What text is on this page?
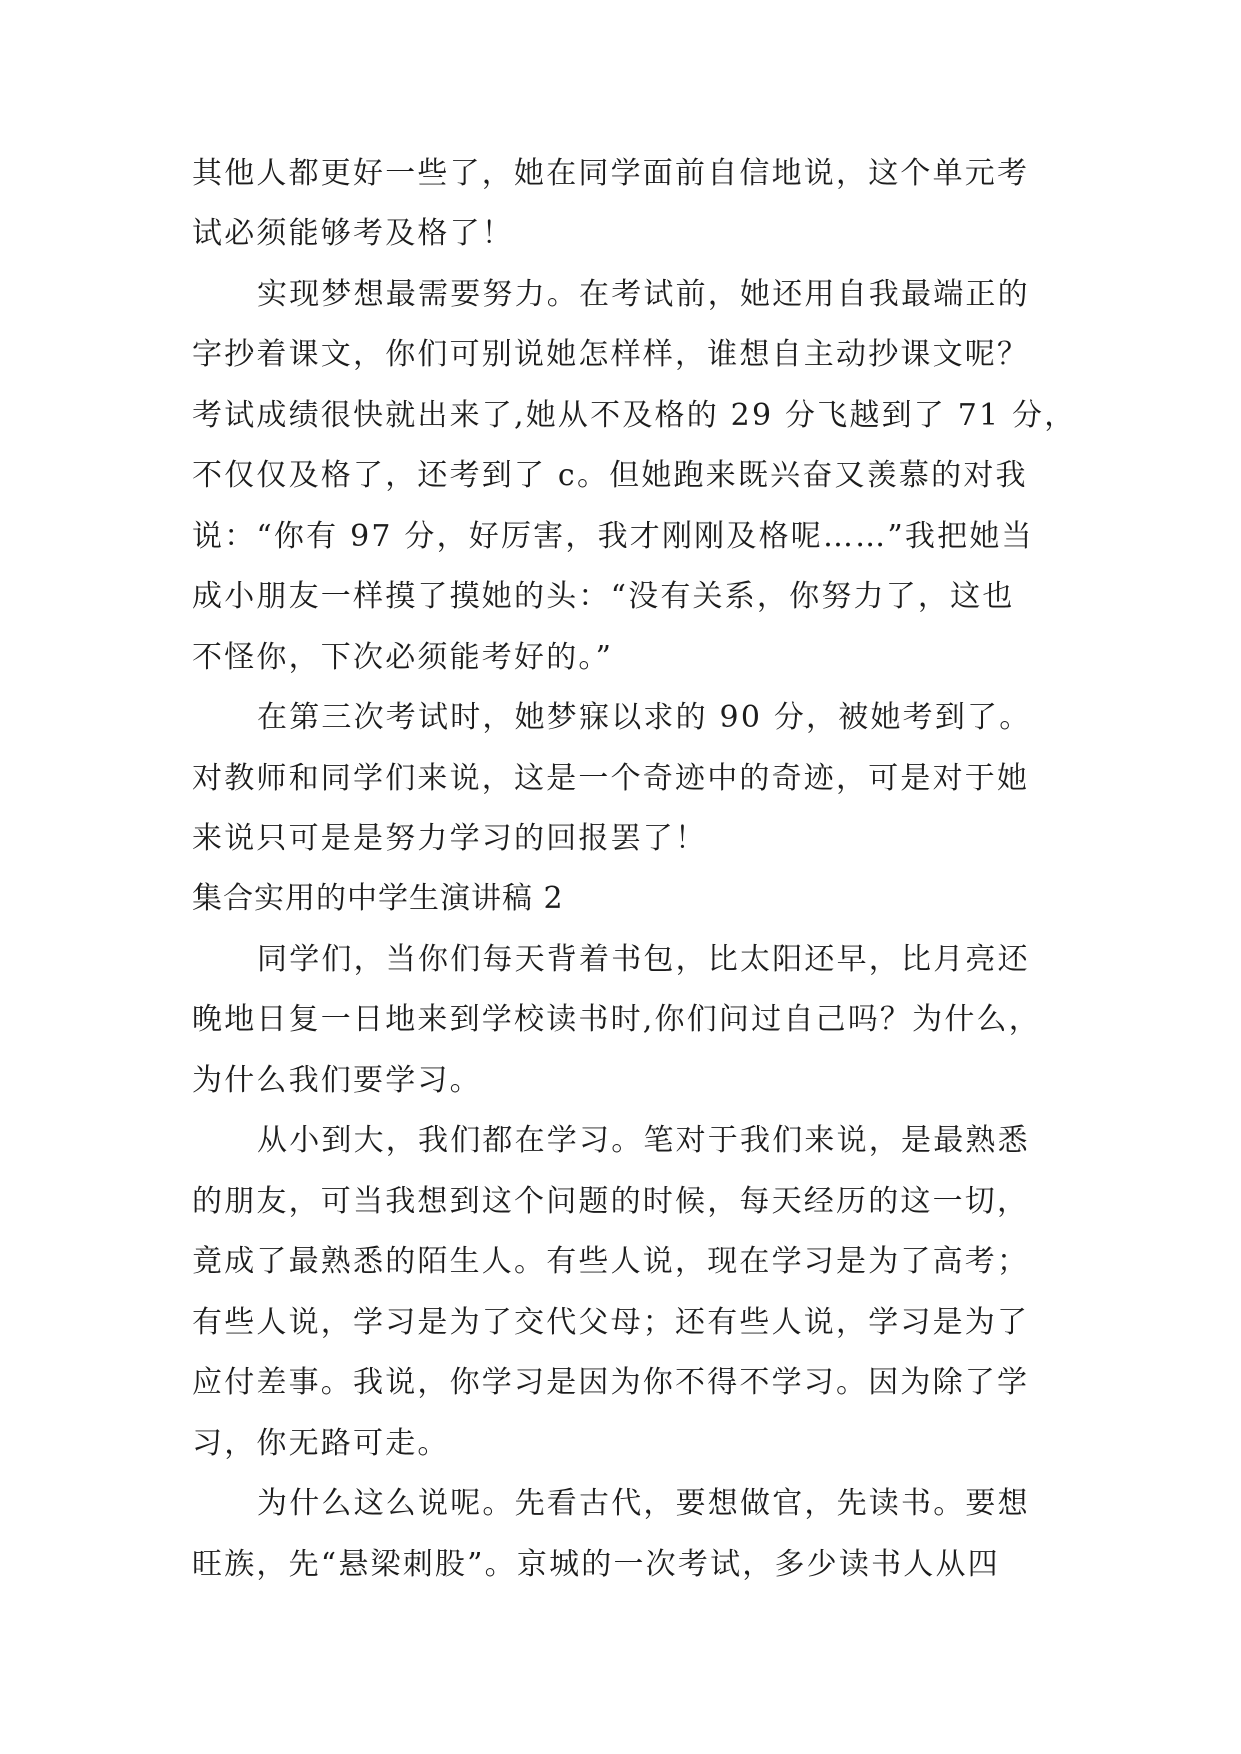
其他人都更好一些了，她在同学面前自信地说，这个单元考
试必须能够考及格了！
实现梦想最需要努力。在考试前，她还用自我最端正的
字抄着课文，你们可别说她怎样样，谁想自主动抄课文呢？
考试成绩很快就出来了,她从不及格的 29 分飞越到了 71 分，
不仅仅及格了，还考到了 c。但她跑来既兴奋又羡慕的对我
说：“你有 97 分，好厉害，我才刚刚及格呢……”我把她当
成小朋友一样摸了摸她的头：“没有关系，你努力了，这也
不怪你，下次必须能考好的。”
在第三次考试时，她梦寐以求的 90 分，被她考到了。
对教师和同学们来说，这是一个奇迹中的奇迹，可是对于她
来说只可是是努力学习的回报罢了！
集合实用的中学生演讲稿 2
同学们，当你们每天背着书包，比太阳还早，比月亮还
晚地日复一日地来到学校读书时,你们问过自己吗？为什么，
为什么我们要学习。
从小到大，我们都在学习。笔对于我们来说，是最熟悉
的朋友，可当我想到这个问题的时候，每天经历的这一切，
竟成了最熟悉的陌生人。有些人说，现在学习是为了高考；
有些人说，学习是为了交代父母；还有些人说，学习是为了
应付差事。我说，你学习是因为你不得不学习。因为除了学
习，你无路可走。
为什么这么说呢。先看古代，要想做官，先读书。要想
旺族，先“悬梁刺股”。京城的一次考试，多少读书人从四
